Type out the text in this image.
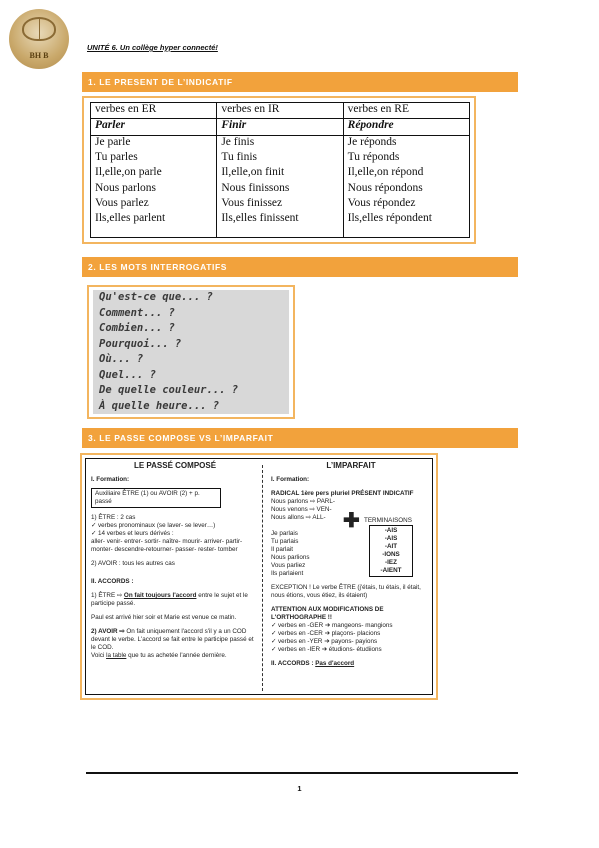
BH B
UNITÉ 6. Un collège hyper connecté!
1. LE PRESENT DE L’INDICATIF
verbes en ER	verbes en IR	verbes en RE
Parler	Finir	Répondre
Je parle	Je finis	Je réponds
Tu parles	Tu finis	Tu réponds
Il,elle,on parle	Il,elle,on finit	Il,elle,on répond
Nous parlons	Nous finissons	Nous répondons
Vous parlez	Vous finissez	Vous répondez
Ils,elles parlent	Ils,elles finissent	Ils,elles répondent
2. LES MOTS INTERROGATIFS
Qu'est-ce que... ?
Comment... ?
Combien... ?
Pourquoi... ?
Où... ?
Quel... ?
De quelle couleur... ?
À quelle heure... ?
3. LE PASSE COMPOSE VS L’IMPARFAIT
LE PASSÉ COMPOSÉ
I. Formation:
Auxiliaire ÊTRE (1) ou AVOIR (2) + p. passé
1) ÊTRE : 2 cas
✓ verbes pronominaux (se laver- se lever…)
✓ 14 verbes et leurs dérivés :
aller- venir- entrer- sortir- naître- mourir- arriver- partir- monter- descendre-retourner- passer- rester- tomber
2) AVOIR : tous les autres cas
II. ACCORDS :
1) ÊTRE ⇨ On fait toujours l'accord entre le sujet et le participe passé.
Paul est arrivé hier soir et Marie est venue ce matin.
2) AVOIR ⇨ On fait uniquement l'accord s'il y a un COD devant le verbe. L'accord se fait entre le participe passé et le COD.
Voici la table que tu as achetée l'année dernière.
L’IMPARFAIT
I. Formation:
RADICAL 1ère pers pluriel PRÉSENT INDICATIF
Nous parlons ⇨ PARL-
Nous venons ⇨ VEN-
Nous allons ⇨ ALL- ✚ TERMINAISONS
-AIS
-AIS
-AIT
-IONS
-IEZ
-AIENT
Je parlais
Tu parlais
Il parlait
Nous parlions
Vous parliez
Ils parlaient
EXCEPTION ! Le verbe ÊTRE (j'étais, tu étais, il était, nous étions, vous étiez, ils étaient)
ATTENTION AUX MODIFICATIONS DE L'ORTHOGRAPHE !!
✓ verbes en -GER ➔ mangeons- mangions
✓ verbes en -CER ➔ plaçons- placions
✓ verbes en -YER ➔ payons- payions
✓ verbes en -IER ➔ étudions- étudiions
II. ACCORDS : Pas d'accord
1
